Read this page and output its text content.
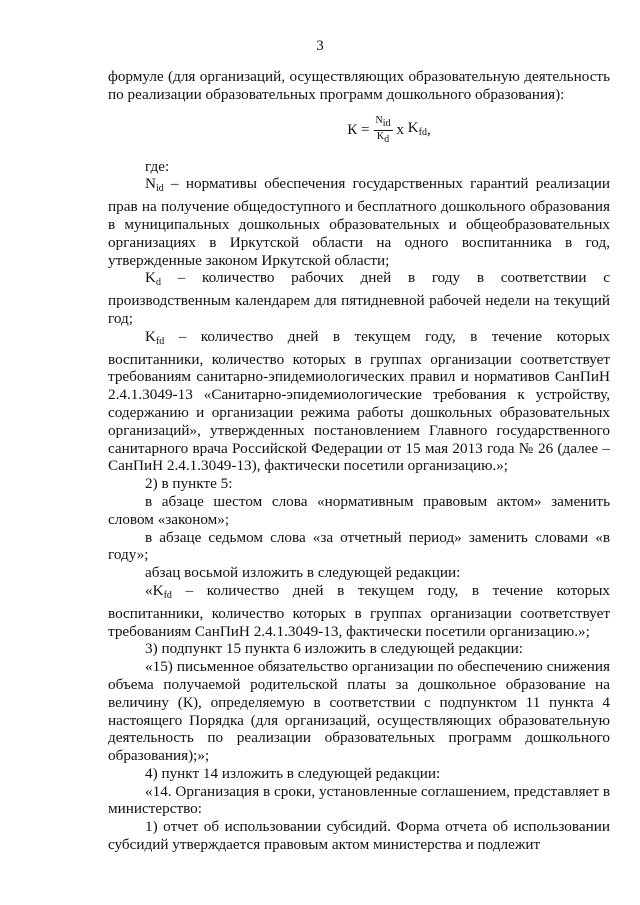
3

формуле (для организаций, осуществляющих образовательную деятельность по реализации образовательных программ дошкольного образования):

$К = \frac{\text{Nid}}{Kd}$ x
$K_{fd}$ ,

где:

$N_{id}$ – нормативы обеспечения государственных гарантий реализации прав на получение общедоступного и бесплатного дошкольного образования в муниципальных дошкольных образовательных и общеобразовательных организациях в Иркутской области на одного воспитанника в год, утвержденные законом Иркутской области;

$K_d$ – количество рабочих дней в году в соответствии с производственным календарем для пятидневной рабочей недели на текущий год;

$K_{fd}$ – количество дней в текущем году, в течение которых воспитанники, количество которых в группах организации соответствует требованиям санитарно-эпидемиологических правил и нормативов СанПиН 2.4.1.3049-13 «Санитарно-эпидемиологические требования к устройству, содержанию и организации режима работы дошкольных образовательных организаций», утвержденных постановлением Главного государственного санитарного врача Российской Федерации от 15 мая 2013 года № 26 (далее – СанПиН 2.4.1.3049-13), фактически посетили организацию.»;

2) в пункте 5:

в абзаце шестом слова «нормативным правовым актом» заменить словом «законом»;

в абзаце седьмом слова «за отчетный период» заменить словами «в году»;

абзац восьмой изложить в следующей редакции:

«$K_{fd}$ – количество дней в текущем году, в течение которых воспитанники, количество которых в группах организации соответствует требованиям СанПиН 2.4.1.3049-13, фактически посетили организацию.»;

3) подпункт 15 пункта 6 изложить в следующей редакции:

«15) письменное обязательство организации по обеспечению снижения объема получаемой родительской платы за дошкольное образование на величину (К), определяемую в соответствии с подпунктом 11 пункта 4 настоящего Порядка (для организаций, осуществляющих образовательную деятельность по реализации образовательных программ дошкольного образования);»;

4) пункт 14 изложить в следующей редакции:

«14. Организация в сроки, установленные соглашением, представляет в министерство:

1) отчет об использовании субсидий. Форма отчета об использовании субсидий утверждается правовым актом министерства и подлежит
